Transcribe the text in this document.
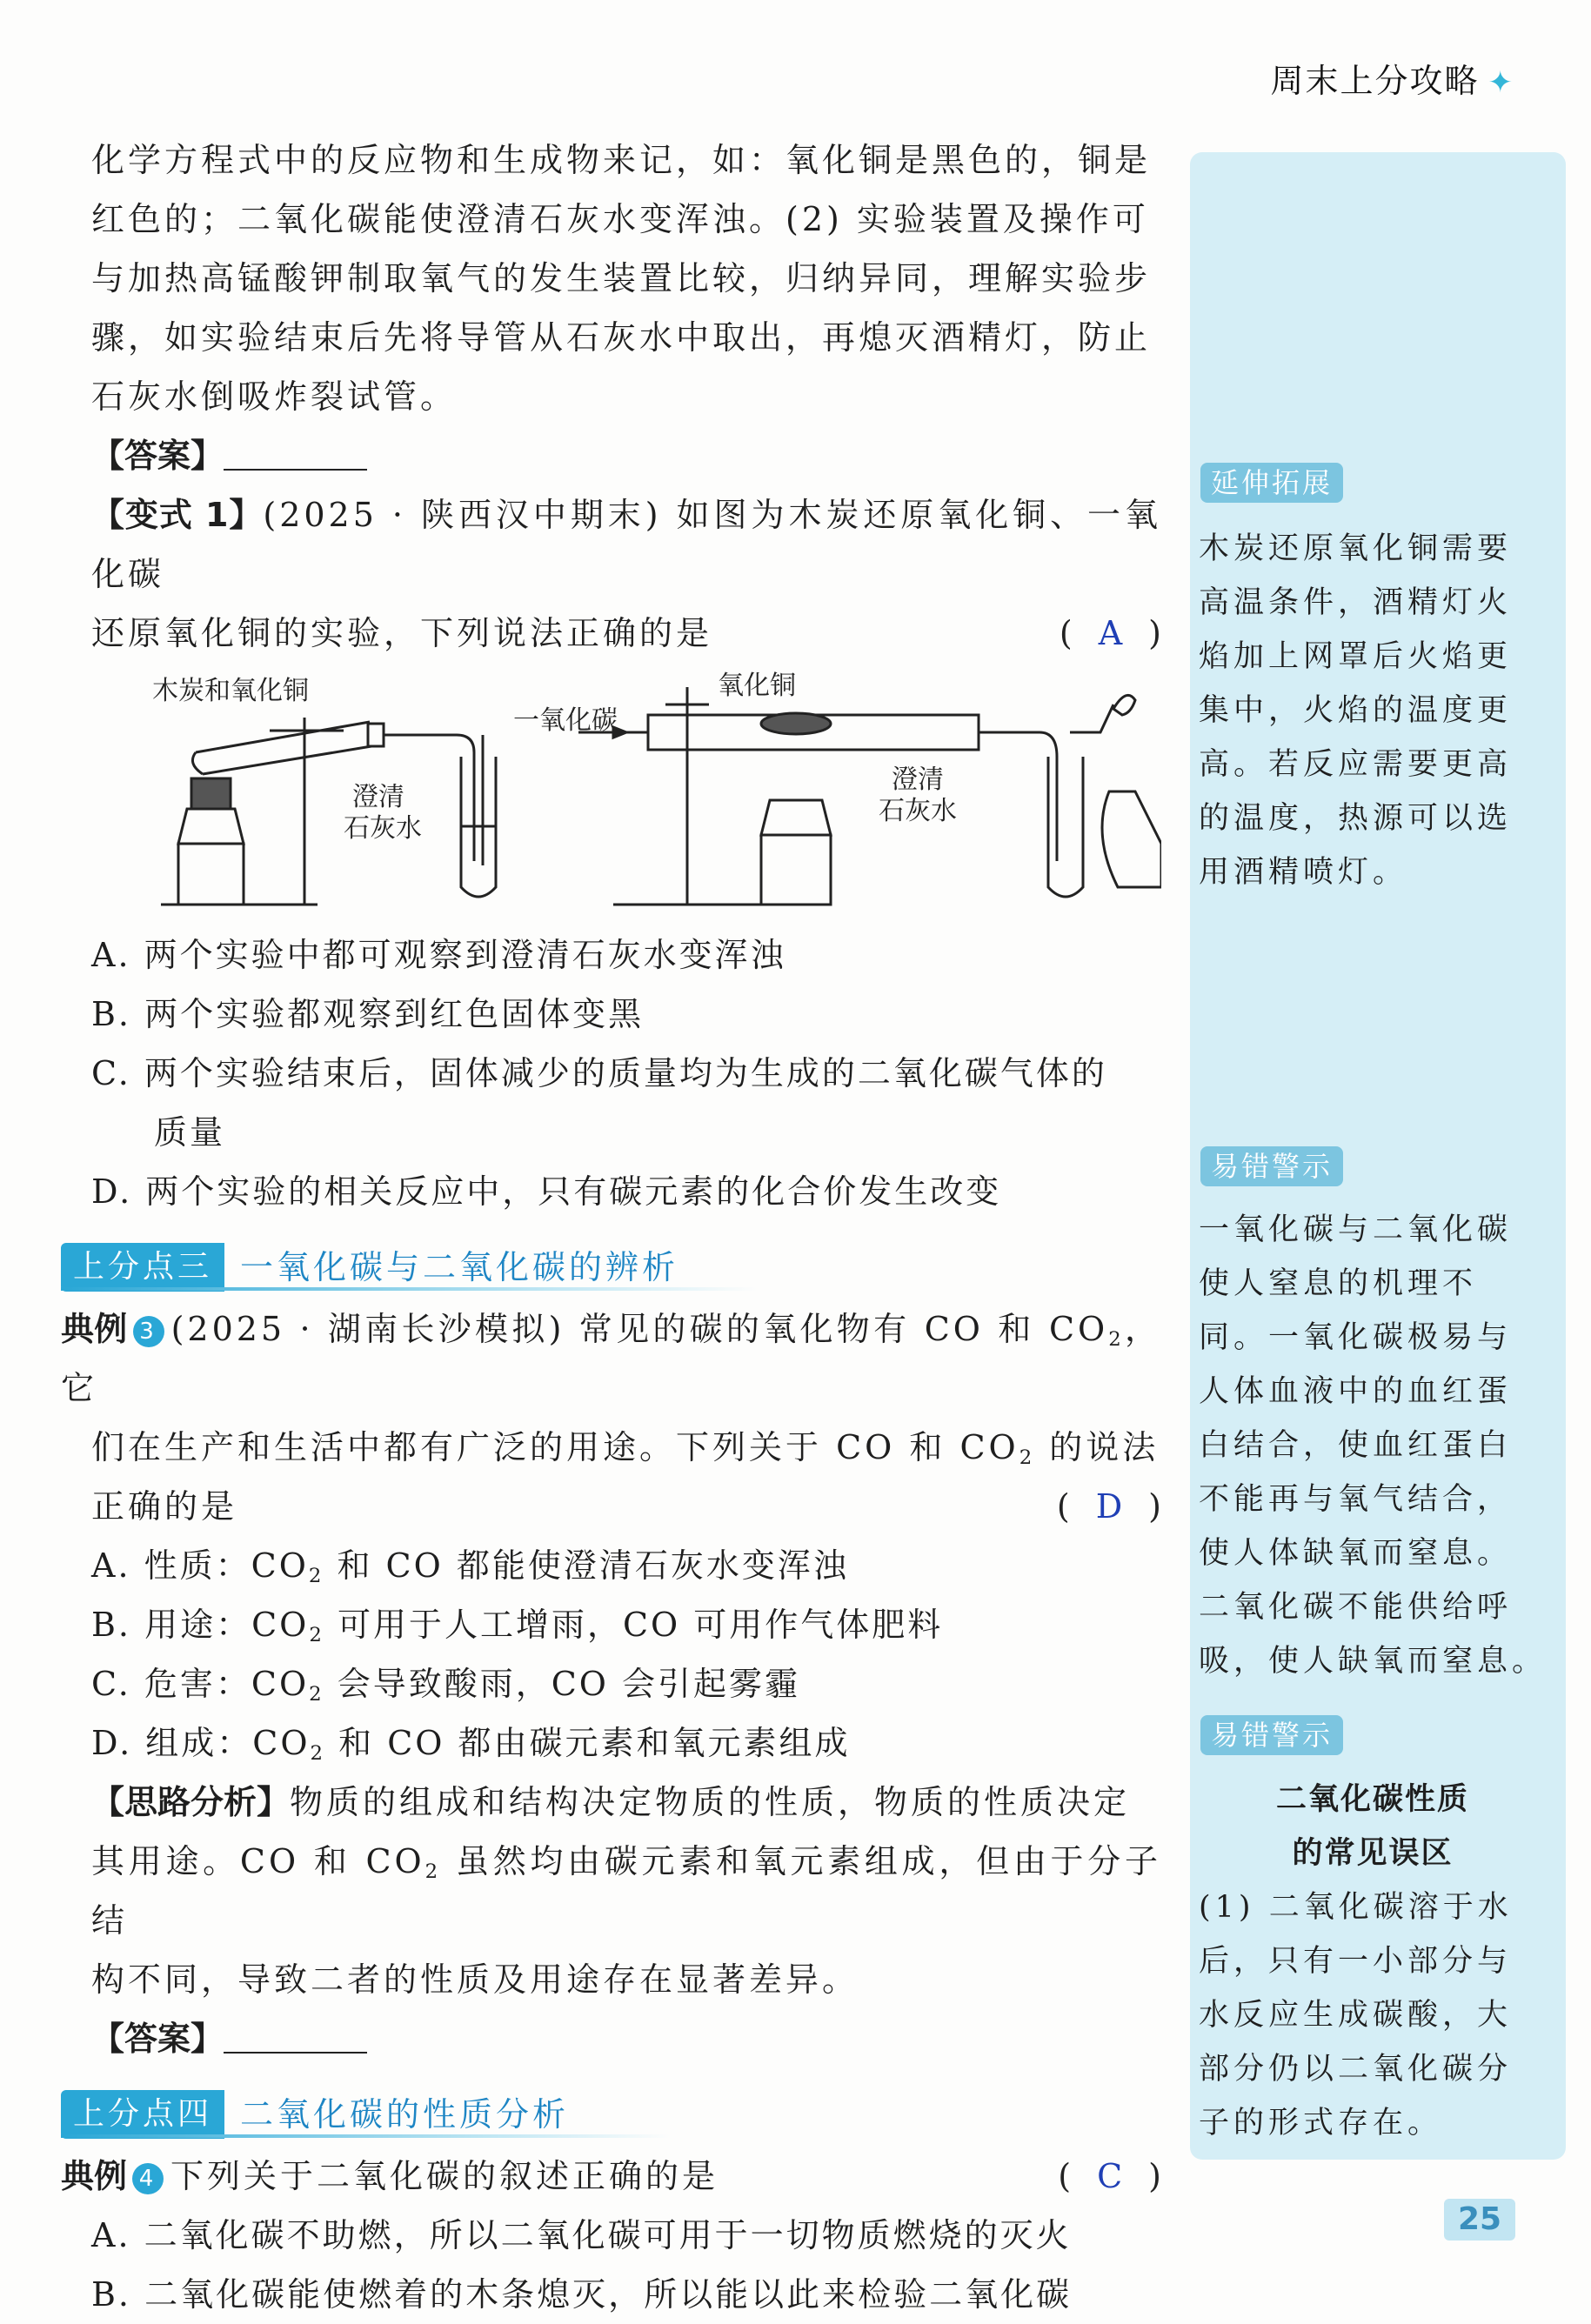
周末上分攻略 ✦

化学方程式中的反应物和生成物来记，如：氧化铜是黑色的，铜是

红色的；二氧化碳能使澄清石灰水变浑浊。(2) 实验装置及操作可

与加热高锰酸钾制取氧气的发生装置比较，归纳异同，理解实验步

骤，如实验结束后先将导管从石灰水中取出，再熄灭酒精灯，防止

石灰水倒吸炸裂试管。

【答案】

【变式 1】(2025 · 陕西汉中期末) 如图为木炭还原氧化铜、一氧化碳

还原氧化铜的实验，下列说法正确的是	( A )

木炭和氧化铜
澄清
石灰水
一氧化碳
氧化铜
澄清
石灰水

A. 两个实验中都可观察到澄清石灰水变浑浊

B. 两个实验都观察到红色固体变黑

C. 两个实验结束后，固体减少的质量均为生成的二氧化碳气体的

质量

D. 两个实验的相关反应中，只有碳元素的化合价发生改变

上分点三 一氧化碳与二氧化碳的辨析

典例 3 (2025 · 湖南长沙模拟) 常见的碳的氧化物有 CO 和 $CO_2$，它

们在生产和生活中都有广泛的用途。下列关于 CO 和 $CO_2$ 的说法

正确的是	( D )

A. 性质：$CO_2$ 和 CO 都能使澄清石灰水变浑浊

B. 用途：$CO_2$ 可用于人工增雨，CO 可用作气体肥料

C. 危害：$CO_2$ 会导致酸雨，CO 会引起雾霾

D. 组成：$CO_2$ 和 CO 都由碳元素和氧元素组成

【思路分析】物质的组成和结构决定物质的性质，物质的性质决定

其用途。CO 和 $CO_2$ 虽然均由碳元素和氧元素组成，但由于分子结

构不同，导致二者的性质及用途存在显著差异。

【答案】

上分点四 二氧化碳的性质分析

典例 4 下列关于二氧化碳的叙述正确的是	( C )

A. 二氧化碳不助燃，所以二氧化碳可用于一切物质燃烧的灭火

B. 二氧化碳能使燃着的木条熄灭，所以能以此来检验二氧化碳

延伸拓展
木炭还原氧化铜需要
高温条件，酒精灯火
焰加上网罩后火焰更
集中，火焰的温度更
高。若反应需要更高
的温度，热源可以选
用酒精喷灯。
易错警示
一氧化碳与二氧化碳
使人窒息的机理不
同。一氧化碳极易与
人体血液中的血红蛋
白结合，使血红蛋白
不能再与氧气结合，
使人体缺氧而窒息。
二氧化碳不能供给呼
吸，使人缺氧而窒息。
易错警示
二氧化碳性质
的常见误区
(1) 二氧化碳溶于水
后，只有一小部分与
水反应生成碳酸，大
部分仍以二氧化碳分
子的形式存在。
25
